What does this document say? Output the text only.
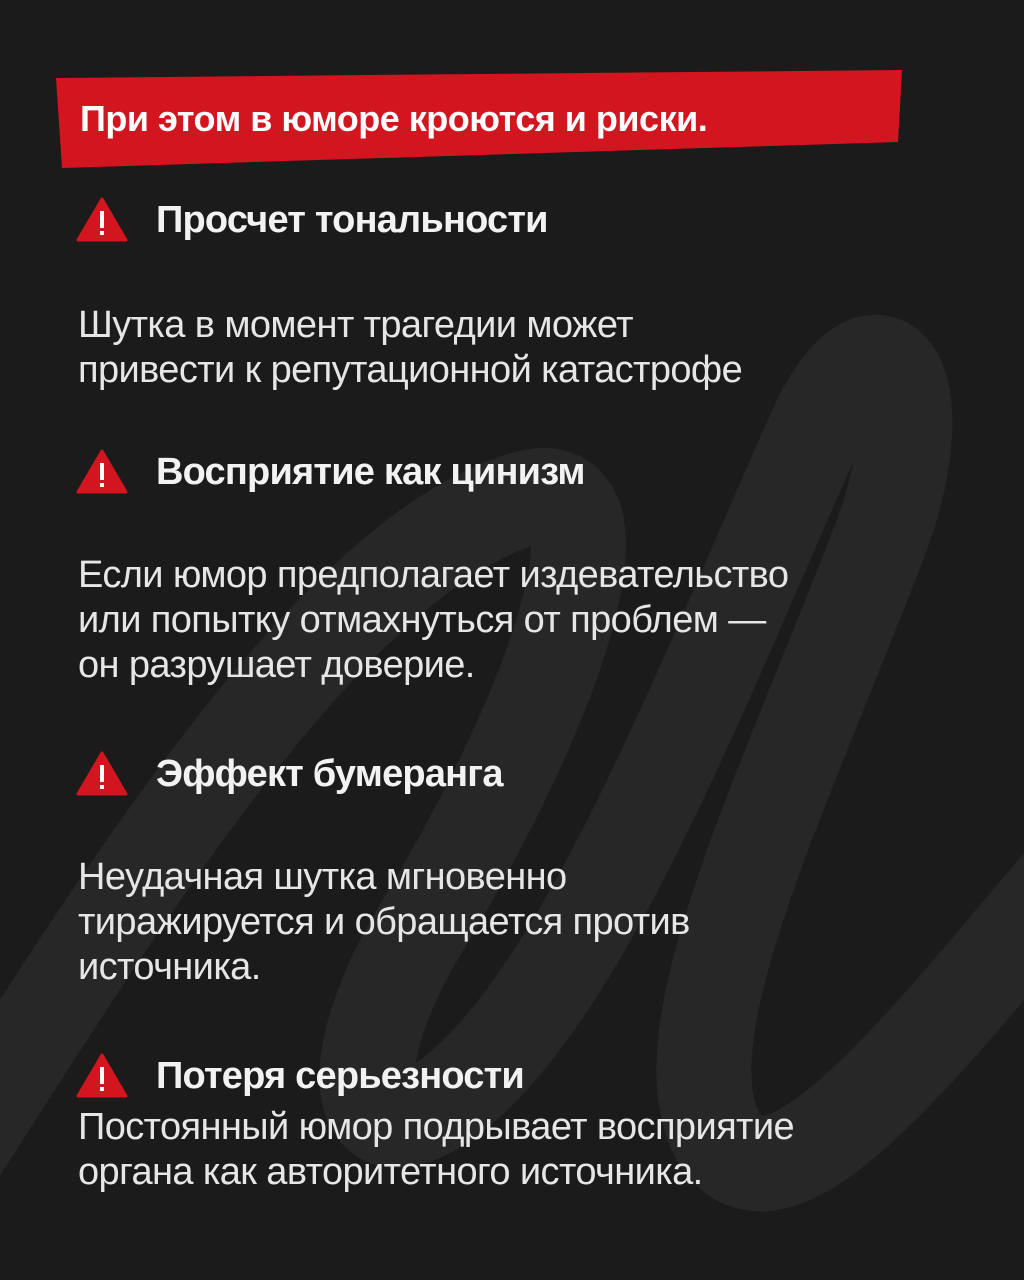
При этом в юморе кроются и риски.
Просчет тональности

Шутка в момент трагедии может
привести к репутационной катастрофе

Восприятие как цинизм

Если юмор предполагает издевательство
или попытку отмахнуться от проблем —
он разрушает доверие.

Эффект бумеранга

Неудачная шутка мгновенно
тиражируется и обращается против
источника.

Потеря серьезности

Постоянный юмор подрывает восприятие
органа как авторитетного источника.
